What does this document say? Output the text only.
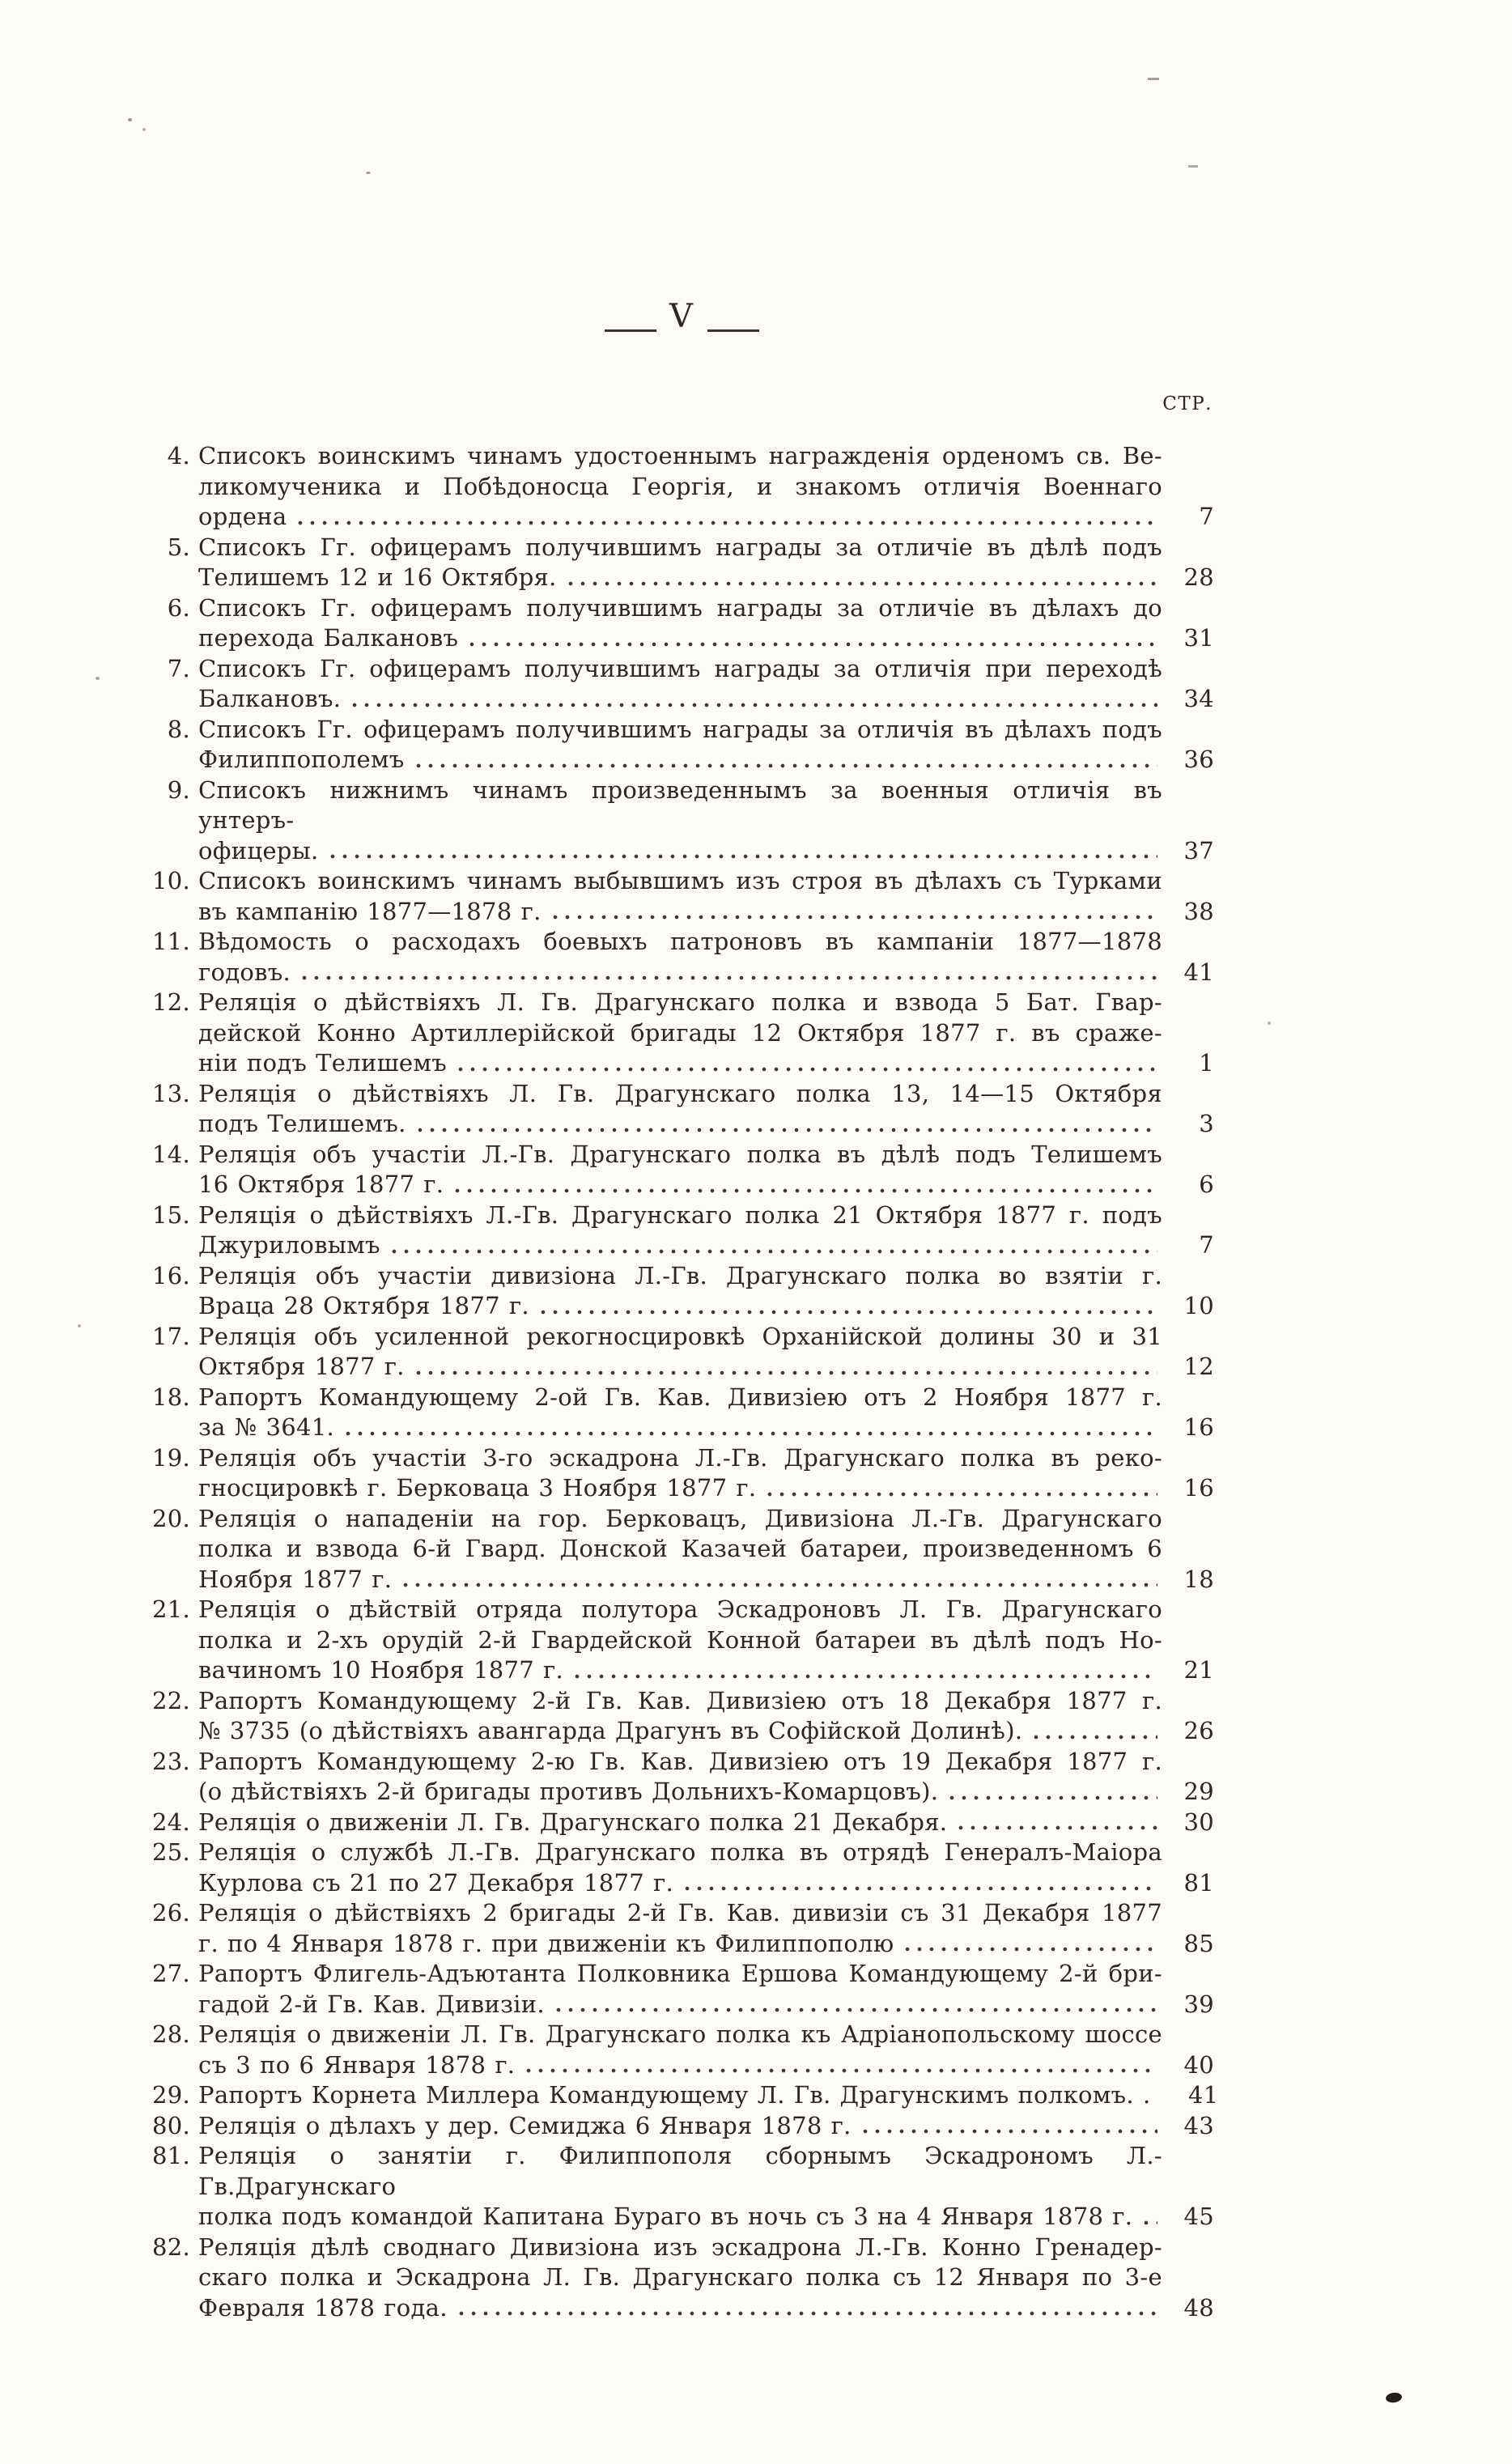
V
СТР.
4. Списокъ воинскимъ чинамъ удостоеннымъ награжденія орденомъ св. Ве-
ликомученика и Побѣдоносца Георгія, и знакомъ отличія Военнаго
ордена	7
5. Списокъ Гг. офицерамъ получившимъ награды за отличіе въ дѣлѣ подъ
Телишемъ 12 и 16 Октября.	28
6. Списокъ Гг. офицерамъ получившимъ награды за отличіе въ дѣлахъ до
перехода Балкановъ	31
7. Списокъ Гг. офицерамъ получившимъ награды за отличія при переходѣ
Балкановъ.	34
8. Списокъ Гг. офицерамъ получившимъ награды за отличія въ дѣлахъ подъ
Филиппополемъ	36
9. Списокъ нижнимъ чинамъ произведеннымъ за военныя отличія въ унтеръ-
офицеры.	37
10. Списокъ воинскимъ чинамъ выбывшимъ изъ строя въ дѣлахъ съ Турками
въ кампанію 1877—1878 г.	38
11. Вѣдомость о расходахъ боевыхъ патроновъ въ кампаніи 1877—1878
годовъ.	41
12. Реляція о дѣйствіяхъ Л. Гв. Драгунскаго полка и взвода 5 Бат. Гвар-
дейской Конно Артиллерійской бригады 12 Октября 1877 г. въ сраже-
ніи подъ Телишемъ	1
13. Реляція о дѣйствіяхъ Л. Гв. Драгунскаго полка 13, 14—15 Октября
подъ Телишемъ.	3
14. Реляція объ участіи Л.-Гв. Драгунскаго полка въ дѣлѣ подъ Телишемъ
16 Октября 1877 г.	6
15. Реляція о дѣйствіяхъ Л.-Гв. Драгунскаго полка 21 Октября 1877 г. подъ
Джуриловымъ	7
16. Реляція объ участіи дивизіона Л.-Гв. Драгунскаго полка во взятіи г.
Враца 28 Октября 1877 г.	10
17. Реляція объ усиленной рекогносцировкѣ Орханійской долины 30 и 31
Октября 1877 г.	12
18. Рапортъ Командующему 2-ой Гв. Кав. Дивизіею отъ 2 Ноября 1877 г.
за № 3641.	16
19. Реляція объ участіи 3-го эскадрона Л.-Гв. Драгунскаго полка въ реко-
гносцировкѣ г. Берковаца 3 Ноября 1877 г.	16
20. Реляція о нападеніи на гор. Берковацъ, Дивизіона Л.-Гв. Драгунскаго
полка и взвода 6-й Гвард. Донской Казачей батареи, произведенномъ 6
Ноября 1877 г.	18
21. Реляція о дѣйствій отряда полутора Эскадроновъ Л. Гв. Драгунскаго
полка и 2-хъ орудій 2-й Гвардейской Конной батареи въ дѣлѣ подъ Но-
вачиномъ 10 Ноября 1877 г.	21
22. Рапортъ Командующему 2-й Гв. Кав. Дивизіею отъ 18 Декабря 1877 г.
№ 3735 (о дѣйствіяхъ авангарда Драгунъ въ Софійской Долинѣ).	26
23. Рапортъ Командующему 2-ю Гв. Кав. Дивизіею отъ 19 Декабря 1877 г.
(о дѣйствіяхъ 2-й бригады противъ Дольнихъ-Комарцовъ).	29
24. Реляція о движеніи Л. Гв. Драгунскаго полка 21 Декабря.	30
25. Реляція о службѣ Л.-Гв. Драгунскаго полка въ отрядѣ Генералъ-Маіора
Курлова съ 21 по 27 Декабря 1877 г.	81
26. Реляція о дѣйствіяхъ 2 бригады 2-й Гв. Кав. дивизіи съ 31 Декабря 1877
г. по 4 Января 1878 г. при движеніи къ Филиппополю	85
27. Рапортъ Флигель-Адъютанта Полковника Ершова Командующему 2-й бри-
гадой 2-й Гв. Кав. Дивизіи.	39
28. Реляція о движеніи Л. Гв. Драгунскаго полка къ Адріанопольскому шоссе
съ 3 по 6 Января 1878 г.	40
29. Рапортъ Корнета Миллера Командующему Л. Гв. Драгунскимъ полкомъ. .	41
80. Реляція о дѣлахъ у дер. Семиджа 6 Января 1878 г.	43
81. Реляція о занятіи г. Филиппополя сборнымъ Эскадрономъ Л.-Гв.Драгунскаго
полка подъ командой Капитана Бураго въ ночь съ 3 на 4 Января 1878 г.	45
82. Реляція дѣлѣ своднаго Дивизіона изъ эскадрона Л.-Гв. Конно Гренадер-
скаго полка и Эскадрона Л. Гв. Драгунскаго полка съ 12 Января по 3-е
Февраля 1878 года.	48
